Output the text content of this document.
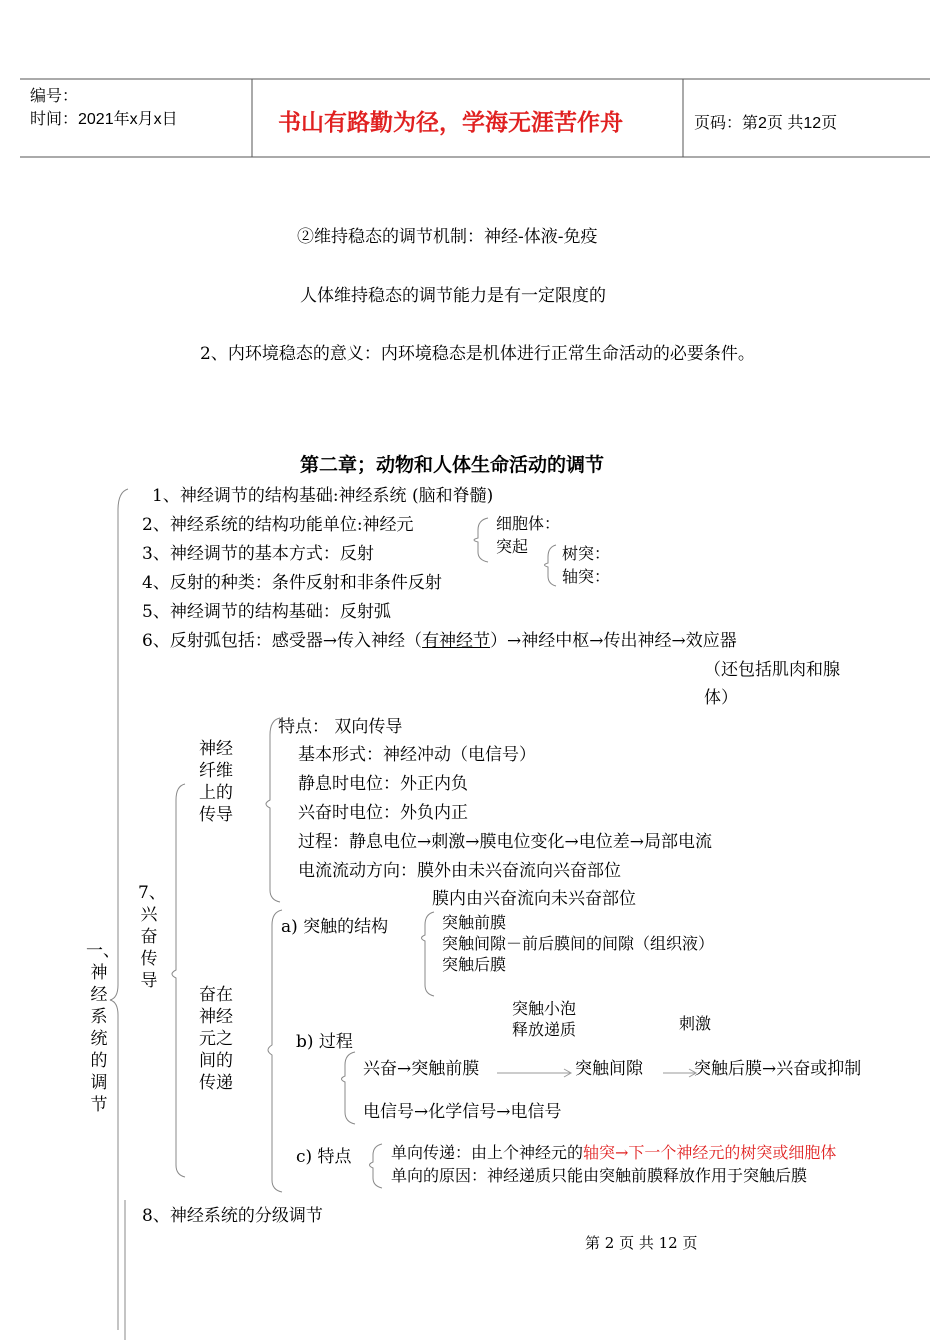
编号：
时间：2021年x月x日	书山有路勤为径，学海无涯苦作舟	页码：第2页 共12页
②维持稳态的调节机制：神经-体液-免疫
人体维持稳态的调节能力是有一定限度的
2、内环境稳态的意义：内环境稳态是机体进行正常生命活动的必要条件。
第二章；动物和人体生命活动的调节
1、神经调节的结构基础:神经系统 (脑和脊髓)
2、神经系统的结构功能单位:神经元
3、神经调节的基本方式：反射
4、反射的种类：条件反射和非条件反射
5、神经调节的结构基础：反射弧
细胞体：
突起 树突：
轴突：
6、反射弧包括：感受器→传入神经（有神经节）→神经中枢→传出神经→效应器
（还包括肌肉和腺
体）
一、
神
经
系
统
的
调
节
7、
兴
奋
传
导
神经
纤维
上的
传导
特点： 双向传导
基本形式：神经冲动（电信号）
静息时电位：外正内负
兴奋时电位：外负内正
过程：静息电位→刺激→膜电位变化→电位差→局部电流
电流流动方向：膜外由未兴奋流向兴奋部位
膜内由兴奋流向未兴奋部位
奋在
神经
元之
间的
传递
a) 突触的结构	突触前膜
突触间隙－前后膜间的间隙（组织液）
突触后膜
突触小泡
释放递质	刺激
b) 过程
兴奋→突触前膜	突触间隙	突触后膜→兴奋或抑制
电信号→化学信号→电信号
c) 特点 单向传递：由上个神经元的轴突→下一个神经元的树突或细胞体
单向的原因：神经递质只能由突触前膜释放作用于突触后膜
8、神经系统的分级调节
第 2 页 共 12 页
